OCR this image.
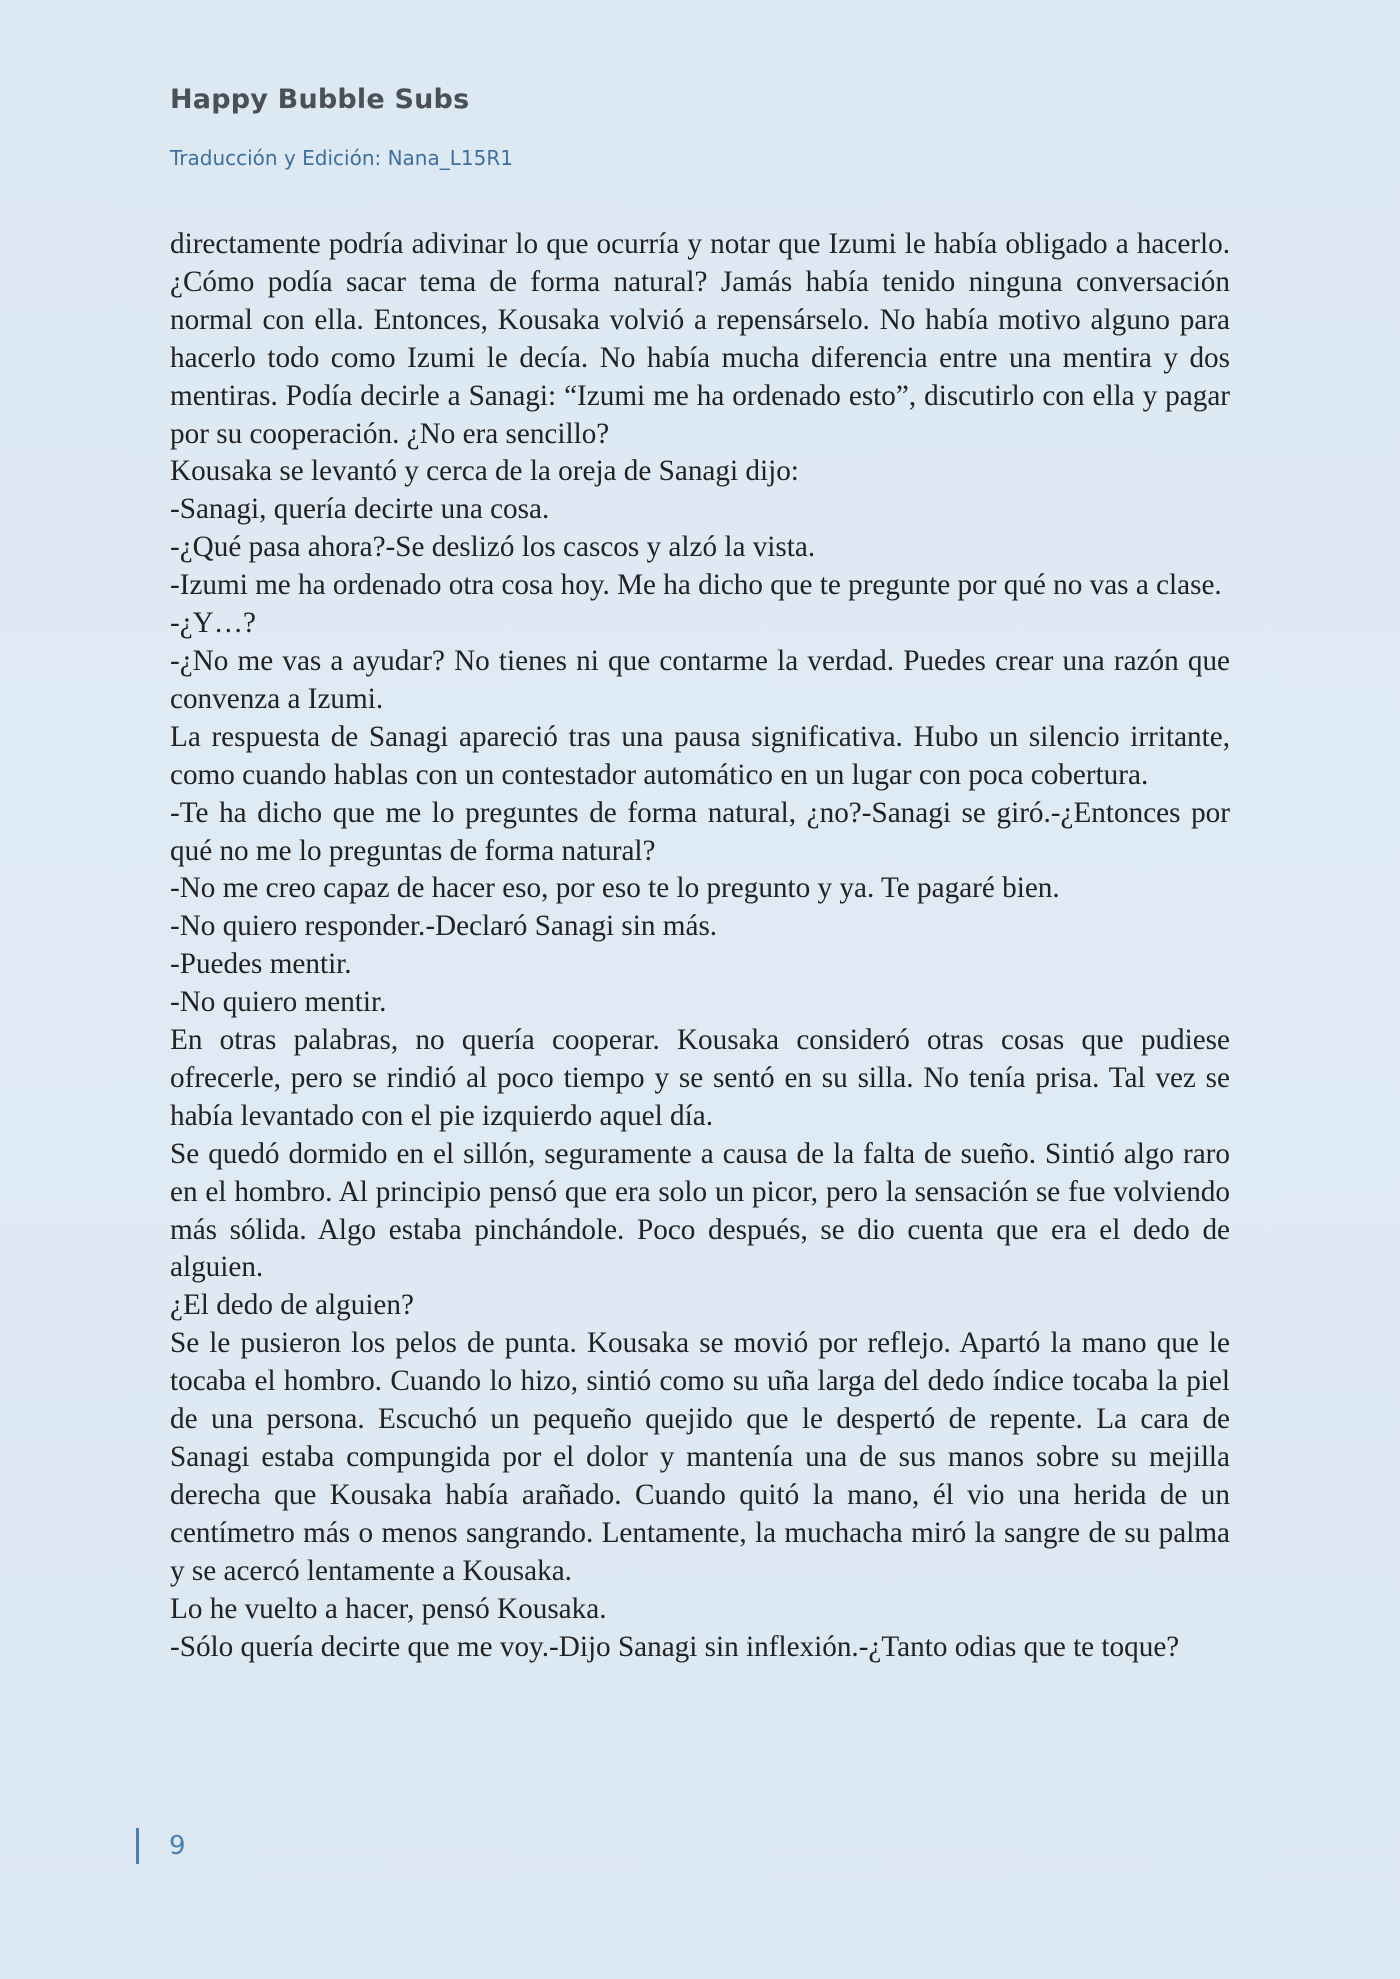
Happy Bubble Subs
Traducción y Edición: Nana_L15R1

directamente podría adivinar lo que ocurría y notar que Izumi le había obligado a hacerlo. ¿Cómo podía sacar tema de forma natural? Jamás había tenido ninguna conversación normal con ella. Entonces, Kousaka volvió a repensárselo. No había motivo alguno para hacerlo todo como Izumi le decía. No había mucha diferencia entre una mentira y dos mentiras. Podía decirle a Sanagi: “Izumi me ha ordenado esto”, discutirlo con ella y pagar por su cooperación. ¿No era sencillo?

Kousaka se levantó y cerca de la oreja de Sanagi dijo:

-Sanagi, quería decirte una cosa.

-¿Qué pasa ahora?-Se deslizó los cascos y alzó la vista.

-Izumi me ha ordenado otra cosa hoy. Me ha dicho que te pregunte por qué no vas a clase.

-¿Y…?

-¿No me vas a ayudar? No tienes ni que contarme la verdad. Puedes crear una razón que convenza a Izumi.

La respuesta de Sanagi apareció tras una pausa significativa. Hubo un silencio irritante, como cuando hablas con un contestador automático en un lugar con poca cobertura.

-Te ha dicho que me lo preguntes de forma natural, ¿no?-Sanagi se giró.-¿Entonces por qué no me lo preguntas de forma natural?

-No me creo capaz de hacer eso, por eso te lo pregunto y ya. Te pagaré bien.

-No quiero responder.-Declaró Sanagi sin más.

-Puedes mentir.

-No quiero mentir.

En otras palabras, no quería cooperar. Kousaka consideró otras cosas que pudiese ofrecerle, pero se rindió al poco tiempo y se sentó en su silla. No tenía prisa. Tal vez se había levantado con el pie izquierdo aquel día.

Se quedó dormido en el sillón, seguramente a causa de la falta de sueño. Sintió algo raro en el hombro. Al principio pensó que era solo un picor, pero la sensación se fue volviendo más sólida. Algo estaba pinchándole. Poco después, se dio cuenta que era el dedo de alguien.

¿El dedo de alguien?

Se le pusieron los pelos de punta. Kousaka se movió por reflejo. Apartó la mano que le tocaba el hombro. Cuando lo hizo, sintió como su uña larga del dedo índice tocaba la piel de una persona. Escuchó un pequeño quejido que le despertó de repente. La cara de Sanagi estaba compungida por el dolor y mantenía una de sus manos sobre su mejilla derecha que Kousaka había arañado. Cuando quitó la mano, él vio una herida de un centímetro más o menos sangrando. Lentamente, la muchacha miró la sangre de su palma y se acercó lentamente a Kousaka.

Lo he vuelto a hacer, pensó Kousaka.

-Sólo quería decirte que me voy.-Dijo Sanagi sin inflexión.-¿Tanto odias que te toque?

9
